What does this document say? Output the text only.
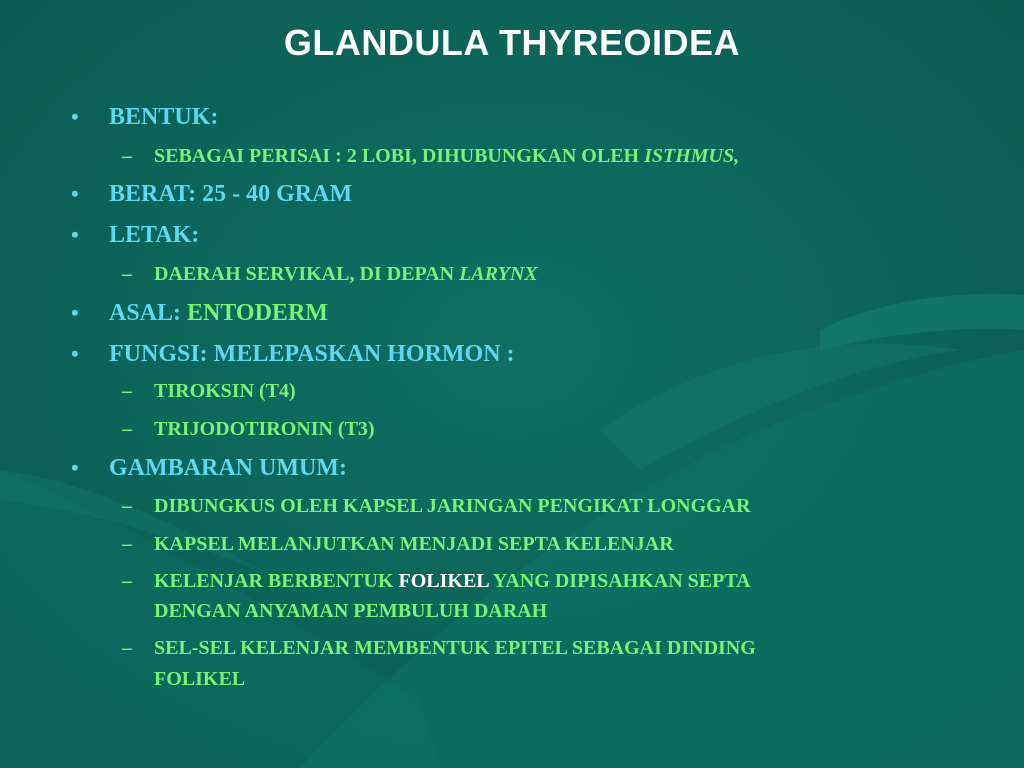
GLANDULA THYREOIDEA
• BENTUK:
– SEBAGAI PERISAI : 2 LOBI, DIHUBUNGKAN OLEH ISTHMUS,
• BERAT: 25 - 40 GRAM
• LETAK:
– DAERAH SERVIKAL, DI DEPAN LARYNX
• ASAL: ENTODERM
• FUNGSI: MELEPASKAN HORMON :
– TIROKSIN (T4)
– TRIJODOTIRONIN (T3)
• GAMBARAN UMUM:
– DIBUNGKUS OLEH KAPSEL JARINGAN PENGIKAT LONGGAR
– KAPSEL MELANJUTKAN MENJADI SEPTA KELENJAR
– KELENJAR BERBENTUK FOLIKEL YANG DIPISAHKAN SEPTA
DENGAN ANYAMAN PEMBULUH DARAH
– SEL-SEL KELENJAR MEMBENTUK EPITEL SEBAGAI DINDING
FOLIKEL
